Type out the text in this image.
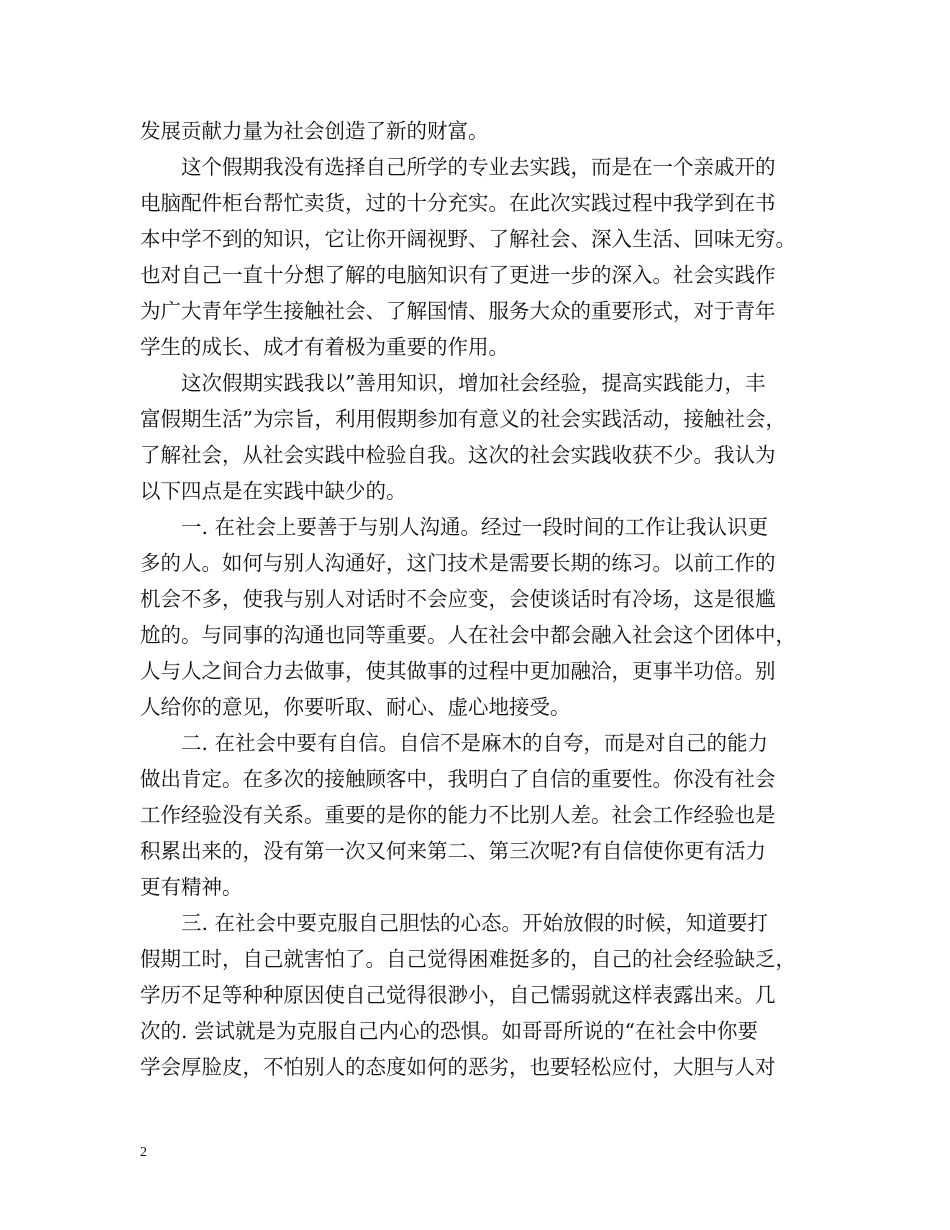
发展贡献力量为社会创造了新的财富。
　　这个假期我没有选择自己所学的专业去实践，而是在一个亲戚开的
电脑配件柜台帮忙卖货，过的十分充实。在此次实践过程中我学到在书
本中学不到的知识，它让你开阔视野、了解社会、深入生活、回味无穷。
也对自己一直十分想了解的电脑知识有了更进一步的深入。社会实践作
为广大青年学生接触社会、了解国情、服务大众的重要形式，对于青年
学生的成长、成才有着极为重要的作用。
　　这次假期实践我以”善用知识，增加社会经验，提高实践能力，丰
富假期生活”为宗旨，利用假期参加有意义的社会实践活动，接触社会，
了解社会，从社会实践中检验自我。这次的社会实践收获不少。我认为
以下四点是在实践中缺少的。
　　一. 在社会上要善于与别人沟通。经过一段时间的工作让我认识更
多的人。如何与别人沟通好，这门技术是需要长期的练习。以前工作的
机会不多，使我与别人对话时不会应变，会使谈话时有冷场，这是很尴
尬的。与同事的沟通也同等重要。人在社会中都会融入社会这个团体中，
人与人之间合力去做事，使其做事的过程中更加融洽，更事半功倍。别
人给你的意见，你要听取、耐心、虚心地接受。
　　二. 在社会中要有自信。自信不是麻木的自夸，而是对自己的能力
做出肯定。在多次的接触顾客中，我明白了自信的重要性。你没有社会
工作经验没有关系。重要的是你的能力不比别人差。社会工作经验也是
积累出来的，没有第一次又何来第二、第三次呢?有自信使你更有活力
更有精神。
　　三. 在社会中要克服自己胆怯的心态。开始放假的时候，知道要打
假期工时，自己就害怕了。自己觉得困难挺多的，自己的社会经验缺乏，
学历不足等种种原因使自己觉得很渺小，自己懦弱就这样表露出来。几
次的. 尝试就是为克服自己内心的恐惧。如哥哥所说的“在社会中你要
学会厚脸皮，不怕别人的态度如何的恶劣，也要轻松应付，大胆与人对
2
